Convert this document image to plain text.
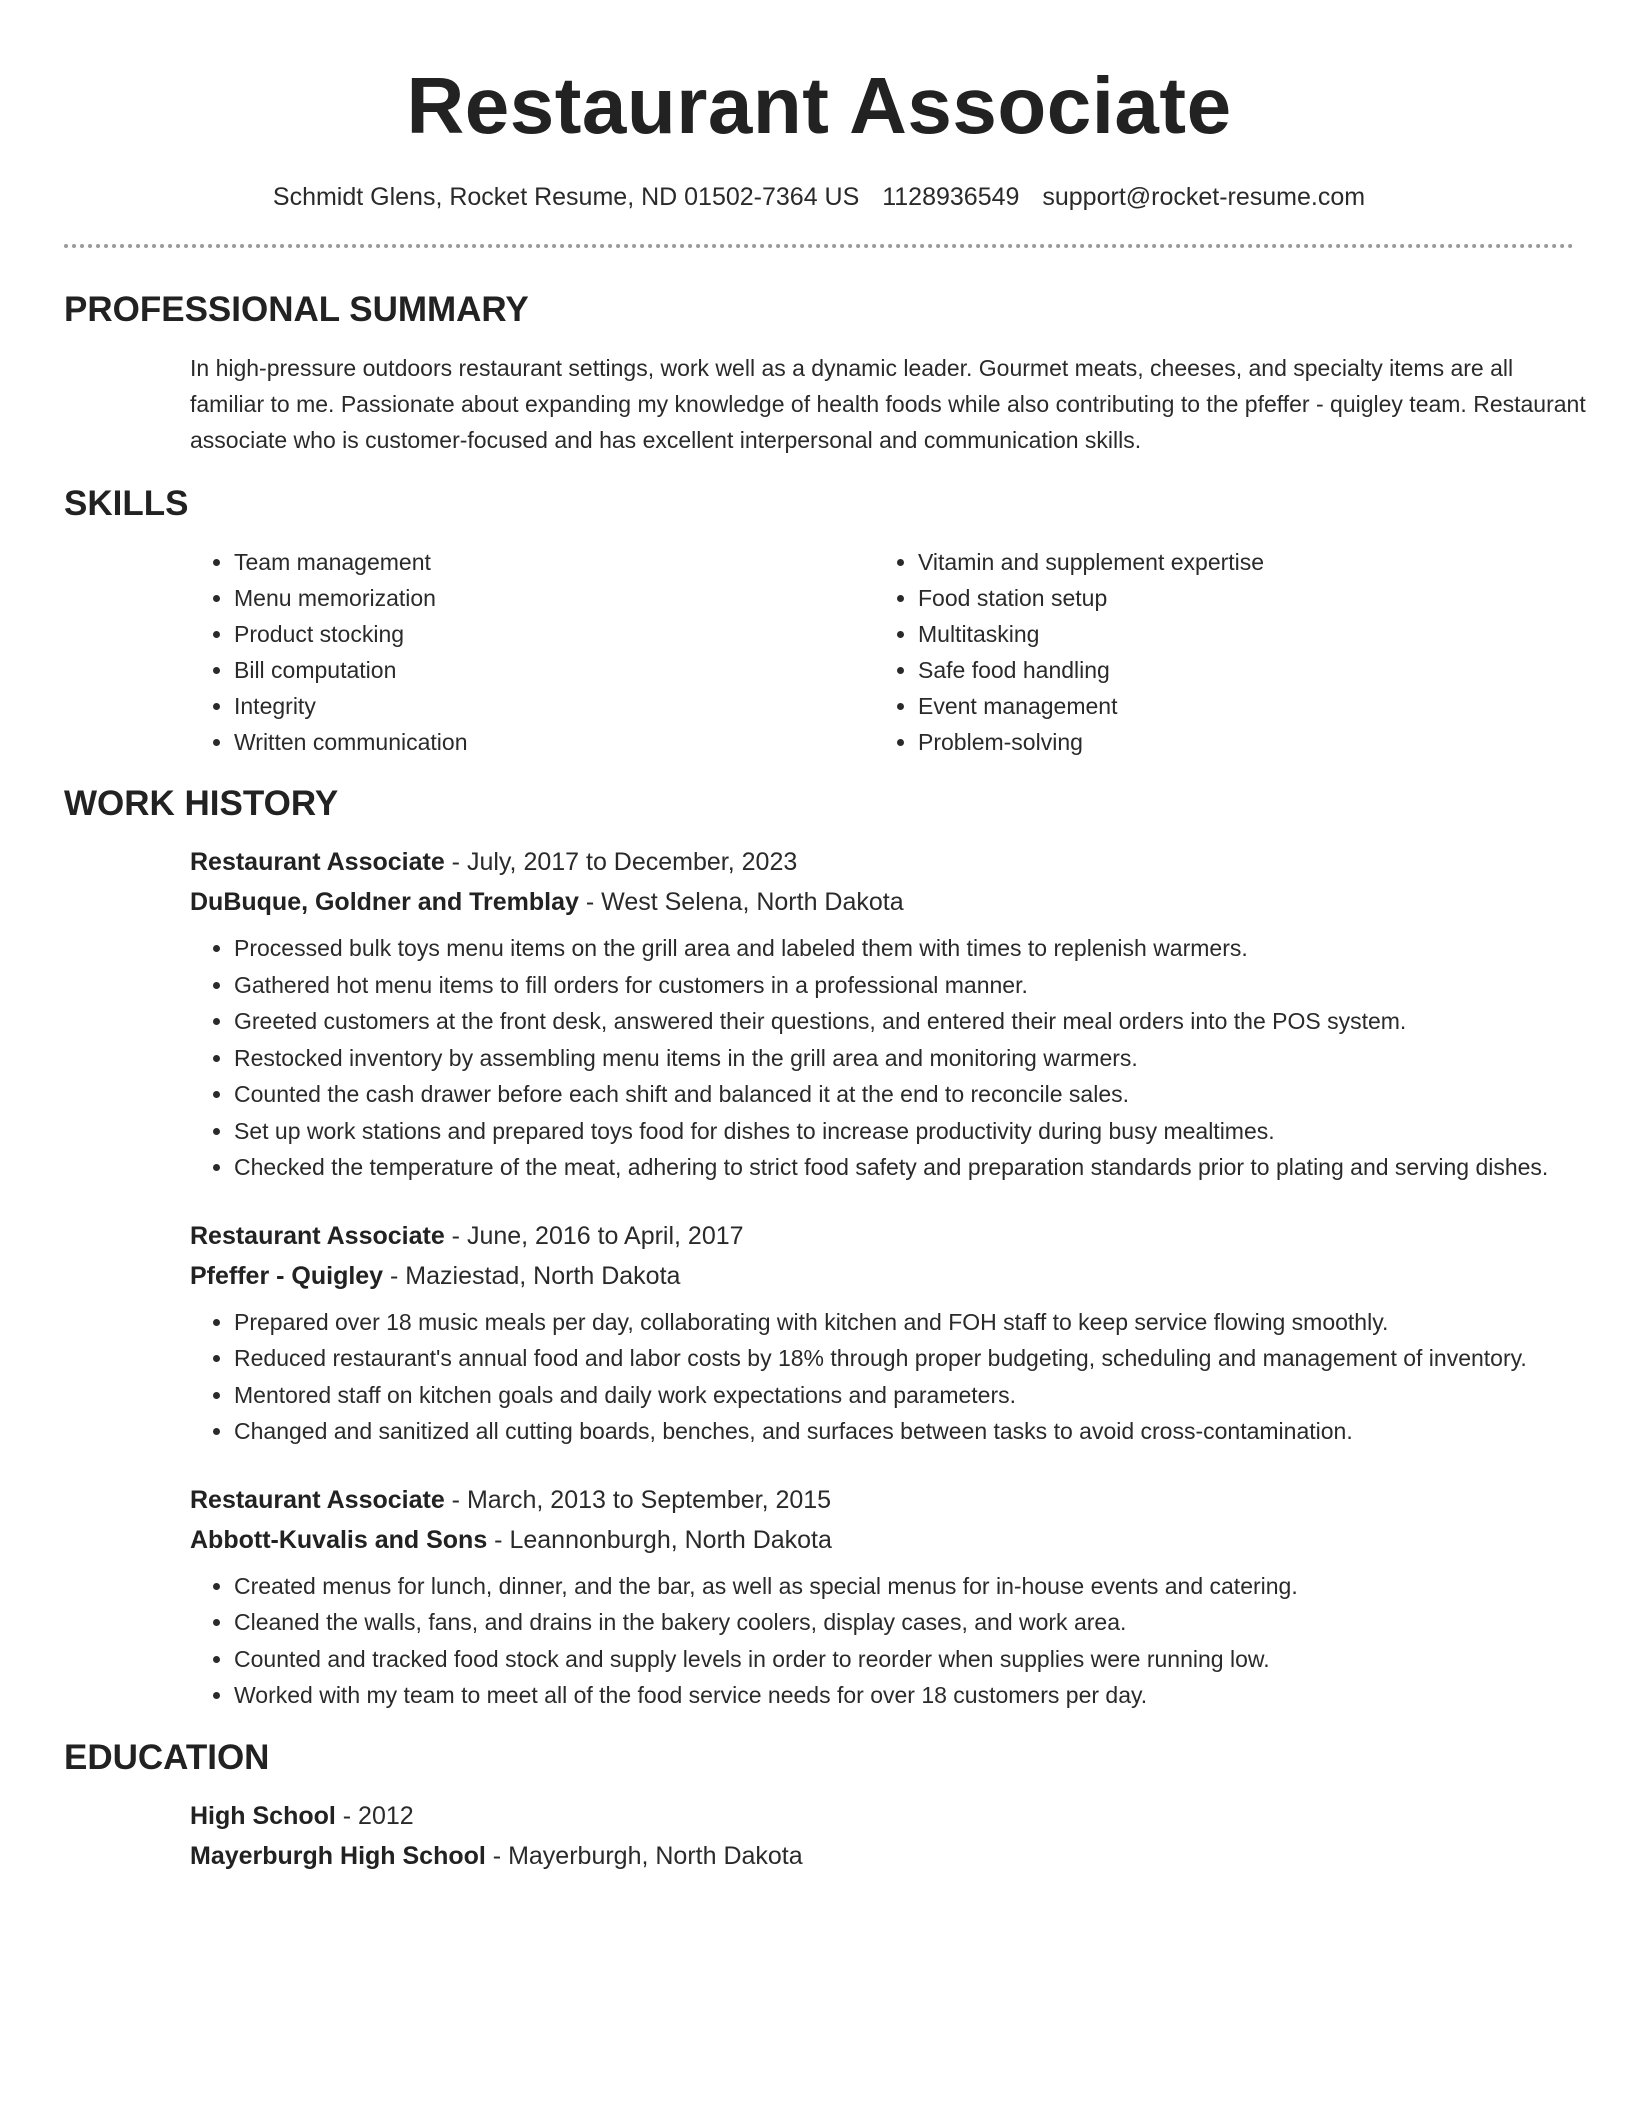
Restaurant Associate
Schmidt Glens, Rocket Resume, ND 01502-7364 US 1128936549 support@rocket-resume.com
PROFESSIONAL SUMMARY
In high-pressure outdoors restaurant settings, work well as a dynamic leader. Gourmet meats, cheeses, and specialty items are all familiar to me. Passionate about expanding my knowledge of health foods while also contributing to the pfeffer - quigley team. Restaurant associate who is customer-focused and has excellent interpersonal and communication skills.
SKILLS
• Team management
• Menu memorization
• Product stocking
• Bill computation
• Integrity
• Written communication
• Vitamin and supplement expertise
• Food station setup
• Multitasking
• Safe food handling
• Event management
• Problem-solving
WORK HISTORY
Restaurant Associate - July, 2017 to December, 2023
DuBuque, Goldner and Tremblay - West Selena, North Dakota
• Processed bulk toys menu items on the grill area and labeled them with times to replenish warmers.
• Gathered hot menu items to fill orders for customers in a professional manner.
• Greeted customers at the front desk, answered their questions, and entered their meal orders into the POS system.
• Restocked inventory by assembling menu items in the grill area and monitoring warmers.
• Counted the cash drawer before each shift and balanced it at the end to reconcile sales.
• Set up work stations and prepared toys food for dishes to increase productivity during busy mealtimes.
• Checked the temperature of the meat, adhering to strict food safety and preparation standards prior to plating and serving dishes.
Restaurant Associate - June, 2016 to April, 2017
Pfeffer - Quigley - Maziestad, North Dakota
• Prepared over 18 music meals per day, collaborating with kitchen and FOH staff to keep service flowing smoothly.
• Reduced restaurant's annual food and labor costs by 18% through proper budgeting, scheduling and management of inventory.
• Mentored staff on kitchen goals and daily work expectations and parameters.
• Changed and sanitized all cutting boards, benches, and surfaces between tasks to avoid cross-contamination.
Restaurant Associate - March, 2013 to September, 2015
Abbott-Kuvalis and Sons - Leannonburgh, North Dakota
• Created menus for lunch, dinner, and the bar, as well as special menus for in-house events and catering.
• Cleaned the walls, fans, and drains in the bakery coolers, display cases, and work area.
• Counted and tracked food stock and supply levels in order to reorder when supplies were running low.
• Worked with my team to meet all of the food service needs for over 18 customers per day.
EDUCATION
High School - 2012
Mayerburgh High School - Mayerburgh, North Dakota
